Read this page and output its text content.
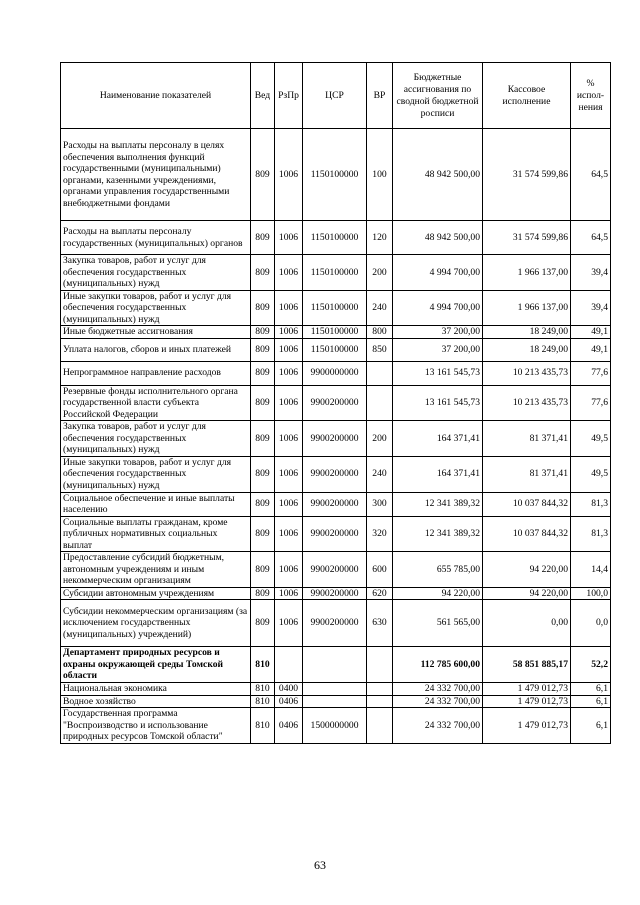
Наименование показателей	Вед	РзПр	ЦСР	ВР	Бюджетные ассигнования по сводной бюджетной росписи	Кассовое исполнение	% испол-нения
Расходы на выплаты персоналу в целях обеспечения выполнения функций государственными (муниципальными) органами, казенными учреждениями, органами управления государственными внебюджетными фондами	809	1006	1150100000	100	48 942 500,00	31 574 599,86	64,5
Расходы на выплаты персоналу государственных (муниципальных) органов	809	1006	1150100000	120	48 942 500,00	31 574 599,86	64,5
Закупка товаров, работ и услуг для обеспечения государственных (муниципальных) нужд	809	1006	1150100000	200	4 994 700,00	1 966 137,00	39,4
Иные закупки товаров, работ и услуг для обеспечения государственных (муниципальных) нужд	809	1006	1150100000	240	4 994 700,00	1 966 137,00	39,4
Иные бюджетные ассигнования	809	1006	1150100000	800	37 200,00	18 249,00	49,1
Уплата налогов, сборов и иных платежей	809	1006	1150100000	850	37 200,00	18 249,00	49,1
Непрограммное направление расходов	809	1006	9900000000		13 161 545,73	10 213 435,73	77,6
Резервные фонды исполнительного органа государственной власти субъекта Российской Федерации	809	1006	9900200000		13 161 545,73	10 213 435,73	77,6
Закупка товаров, работ и услуг для обеспечения государственных (муниципальных) нужд	809	1006	9900200000	200	164 371,41	81 371,41	49,5
Иные закупки товаров, работ и услуг для обеспечения государственных (муниципальных) нужд	809	1006	9900200000	240	164 371,41	81 371,41	49,5
Социальное обеспечение и иные выплаты населению	809	1006	9900200000	300	12 341 389,32	10 037 844,32	81,3
Социальные выплаты гражданам, кроме публичных нормативных социальных выплат	809	1006	9900200000	320	12 341 389,32	10 037 844,32	81,3
Предоставление субсидий бюджетным, автономным учреждениям и иным некоммерческим организациям	809	1006	9900200000	600	655 785,00	94 220,00	14,4
Субсидии автономным учреждениям	809	1006	9900200000	620	94 220,00	94 220,00	100,0
Субсидии некоммерческим организациям (за исключением государственных (муниципальных) учреждений)	809	1006	9900200000	630	561 565,00	0,00	0,0
Департамент природных ресурсов и охраны окружающей среды Томской области	810				112 785 600,00	58 851 885,17	52,2
Национальная экономика	810	0400			24 332 700,00	1 479 012,73	6,1
Водное хозяйство	810	0406			24 332 700,00	1 479 012,73	6,1
Государственная программа "Воспроизводство и использование природных ресурсов Томской области"	810	0406	1500000000		24 332 700,00	1 479 012,73	6,1
63
